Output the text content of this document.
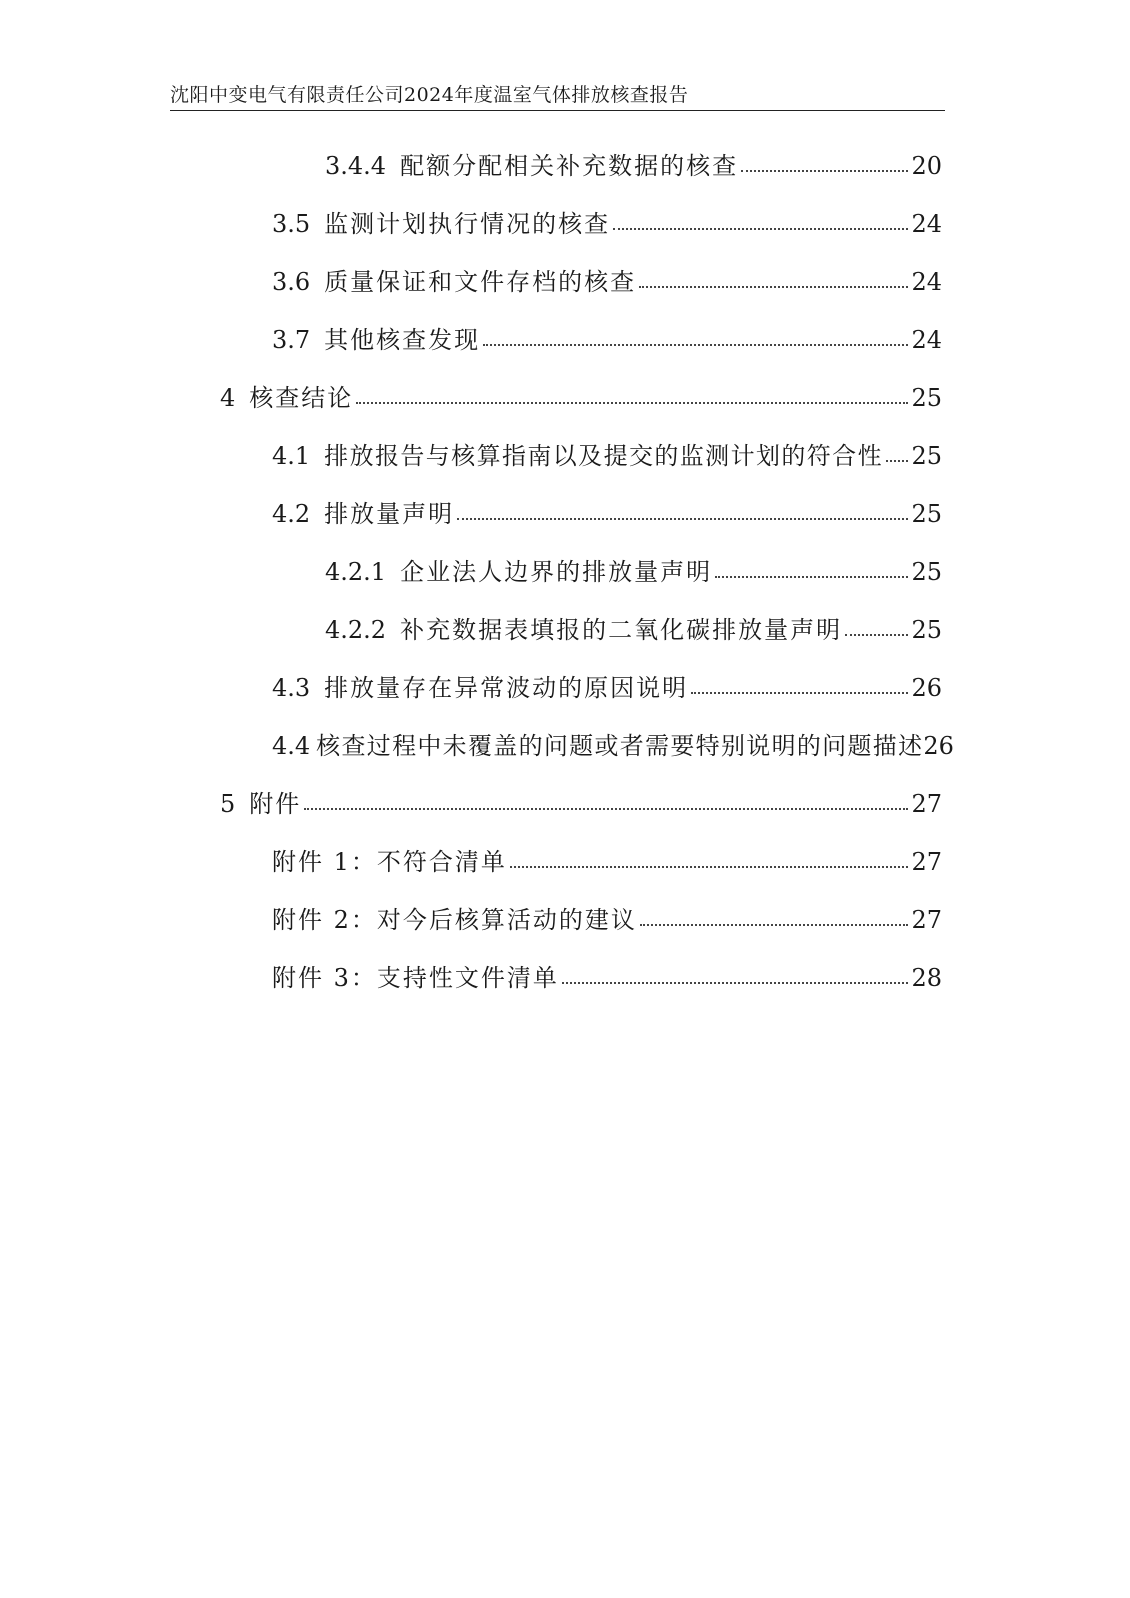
沈阳中变电气有限责任公司2024年度温室气体排放核查报告
3.4.4 配额分配相关补充数据的核查	20
3.5 监测计划执行情况的核查	24
3.6 质量保证和文件存档的核查	24
3.7 其他核查发现	24
4 核查结论	25
4.1 排放报告与核算指南以及提交的监测计划的符合性 25
4.2 排放量声明	25
4.2.1 企业法人边界的排放量声明	25
4.2.2 补充数据表填报的二氧化碳排放量声明	25
4.3 排放量存在异常波动的原因说明	26
4.4 核查过程中未覆盖的问题或者需要特别说明的问题描述 26
5 附件	27
附件 1： 不符合清单	27
附件 2： 对今后核算活动的建议	27
附件 3： 支持性文件清单	28
